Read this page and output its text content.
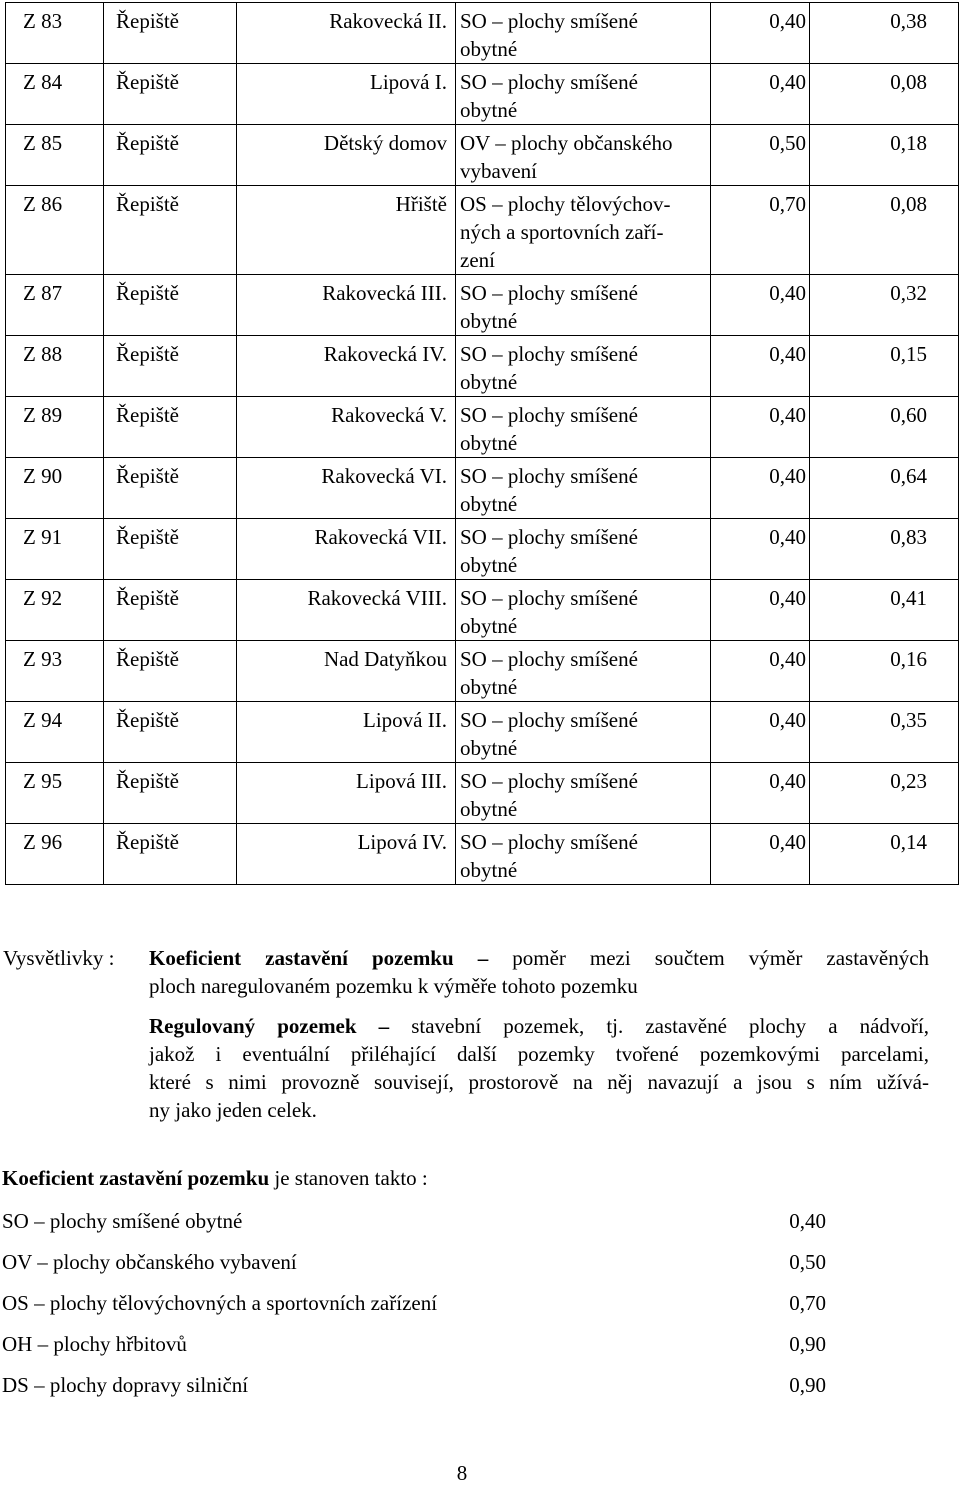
Z 83	Řepiště	Rakovecká II.	SO – plochy smíšené
obytné	0,40	0,38
Z 84	Řepiště	Lipová I.	SO – plochy smíšené
obytné	0,40	0,08
Z 85	Řepiště	Dětský domov	OV – plochy občanského
vybavení	0,50	0,18
Z 86	Řepiště	Hřiště	OS – plochy tělovýchov-
ných a sportovních zaří-
zení	0,70	0,08
Z 87	Řepiště	Rakovecká III.	SO – plochy smíšené
obytné	0,40	0,32
Z 88	Řepiště	Rakovecká IV.	SO – plochy smíšené
obytné	0,40	0,15
Z 89	Řepiště	Rakovecká V.	SO – plochy smíšené
obytné	0,40	0,60
Z 90	Řepiště	Rakovecká VI.	SO – plochy smíšené
obytné	0,40	0,64
Z 91	Řepiště	Rakovecká VII.	SO – plochy smíšené
obytné	0,40	0,83
Z 92	Řepiště	Rakovecká VIII.	SO – plochy smíšené
obytné	0,40	0,41
Z 93	Řepiště	Nad Datyňkou	SO – plochy smíšené
obytné	0,40	0,16
Z 94	Řepiště	Lipová II.	SO – plochy smíšené
obytné	0,40	0,35
Z 95	Řepiště	Lipová III.	SO – plochy smíšené
obytné	0,40	0,23
Z 96	Řepiště	Lipová IV.	SO – plochy smíšené
obytné	0,40	0,14
Vysvětlivky : Koeficient zastavění pozemku – poměr mezi součtem výměr zastavěných
ploch naregulovaném pozemku k výměře tohoto pozemku
Regulovaný pozemek – stavební pozemek, tj. zastavěné plochy a nádvoří,
jakož i eventuální přiléhající další pozemky tvořené pozemkovými parcelami,
které s nimi provozně souvisejí, prostorově na něj navazují a jsou s ním užívá-
ny jako jeden celek.
Koeficient zastavění pozemku je stanoven takto :
SO – plochy smíšené obytné	0,40
OV – plochy občanského vybavení	0,50
OS – plochy tělovýchovných a sportovních zařízení	0,70
OH – plochy hřbitovů	0,90
DS – plochy dopravy silniční	0,90
8
